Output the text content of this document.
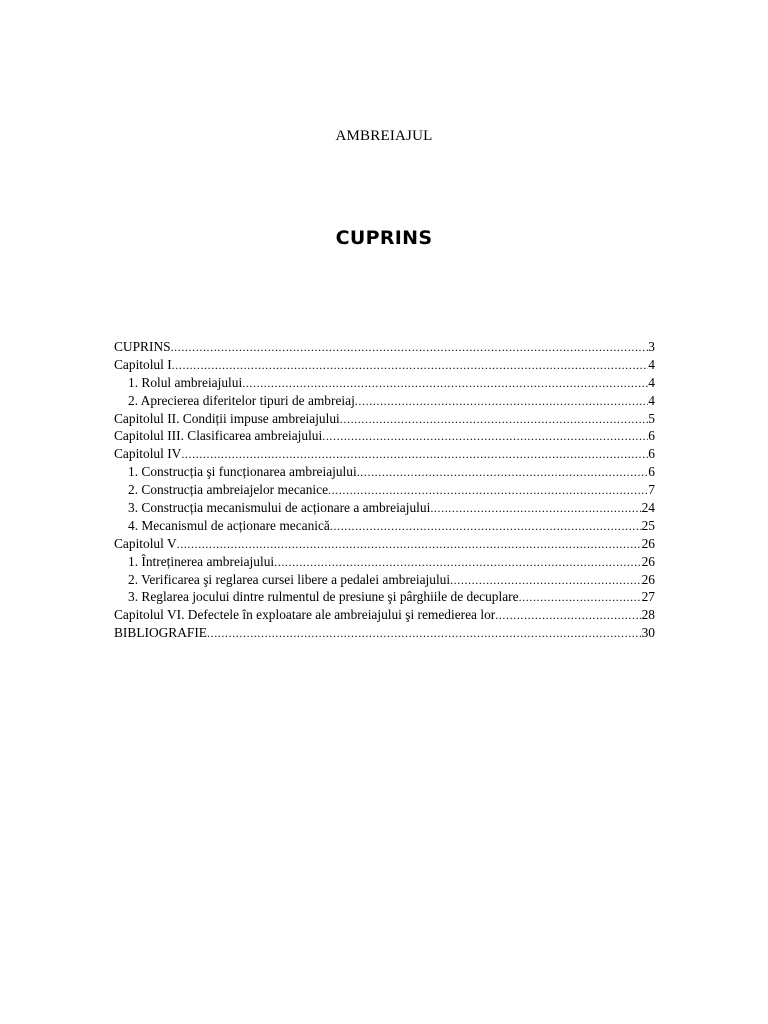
AMBREIAJUL
CUPRINS
CUPRINS .....	3
Capitolul I .....	4
1. Rolul ambreiajului .....	4
2. Aprecierea diferitelor tipuri de ambreiaj .....	4
Capitolul II. Condiții impuse ambreiajului .....	5
Capitolul III. Clasificarea ambreiajului .....	6
Capitolul IV .....	6
1. Construcția şi funcționarea ambreiajului .....	6
2. Construcția ambreiajelor mecanice .....	7
3. Construcția mecanismului de acționare a ambreiajului .....	24
4. Mecanismul de acționare mecanică .....	25
Capitolul V .....	26
1. Întreținerea ambreiajului .....	26
2. Verificarea şi reglarea cursei libere a pedalei ambreiajului .....	26
3. Reglarea jocului dintre rulmentul de presiune şi pârghiile de decuplare .....	27
Capitolul VI. Defectele în exploatare ale ambreiajului şi remedierea lor .....	28
BIBLIOGRAFIE .....	30
